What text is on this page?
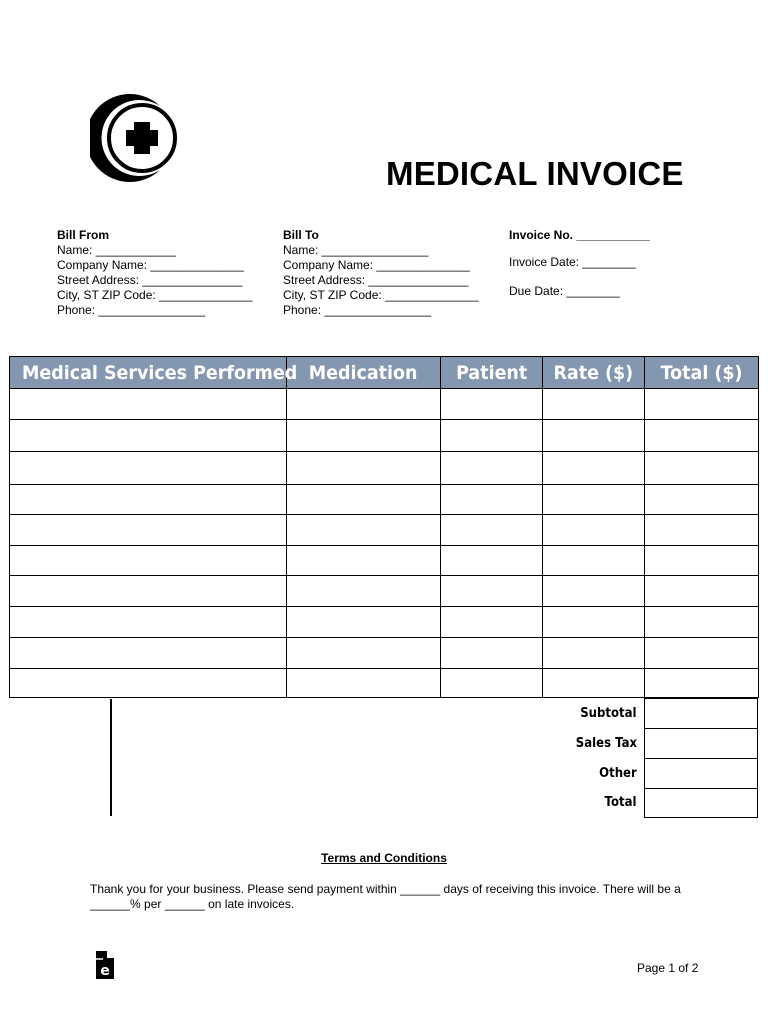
MEDICAL INVOICE
Bill From
Name: ____________
Company Name: ______________
Street Address: _______________
City, ST ZIP Code: ______________
Phone: ________________
Bill To
Name: ________________
Company Name: ______________
Street Address: _______________
City, ST ZIP Code: ______________
Phone: ________________
Invoice No. ___________
Invoice Date: ________
Due Date: ________
Medical Services Performed	Medication	Patient	Rate ($)	Total ($)

Subtotal
Sales Tax
Other
Total
Terms and Conditions
Thank you for your business. Please send payment within ______ days of receiving this invoice. There will be a ______% per ______ on late invoices.
e	Page 1 of 2
